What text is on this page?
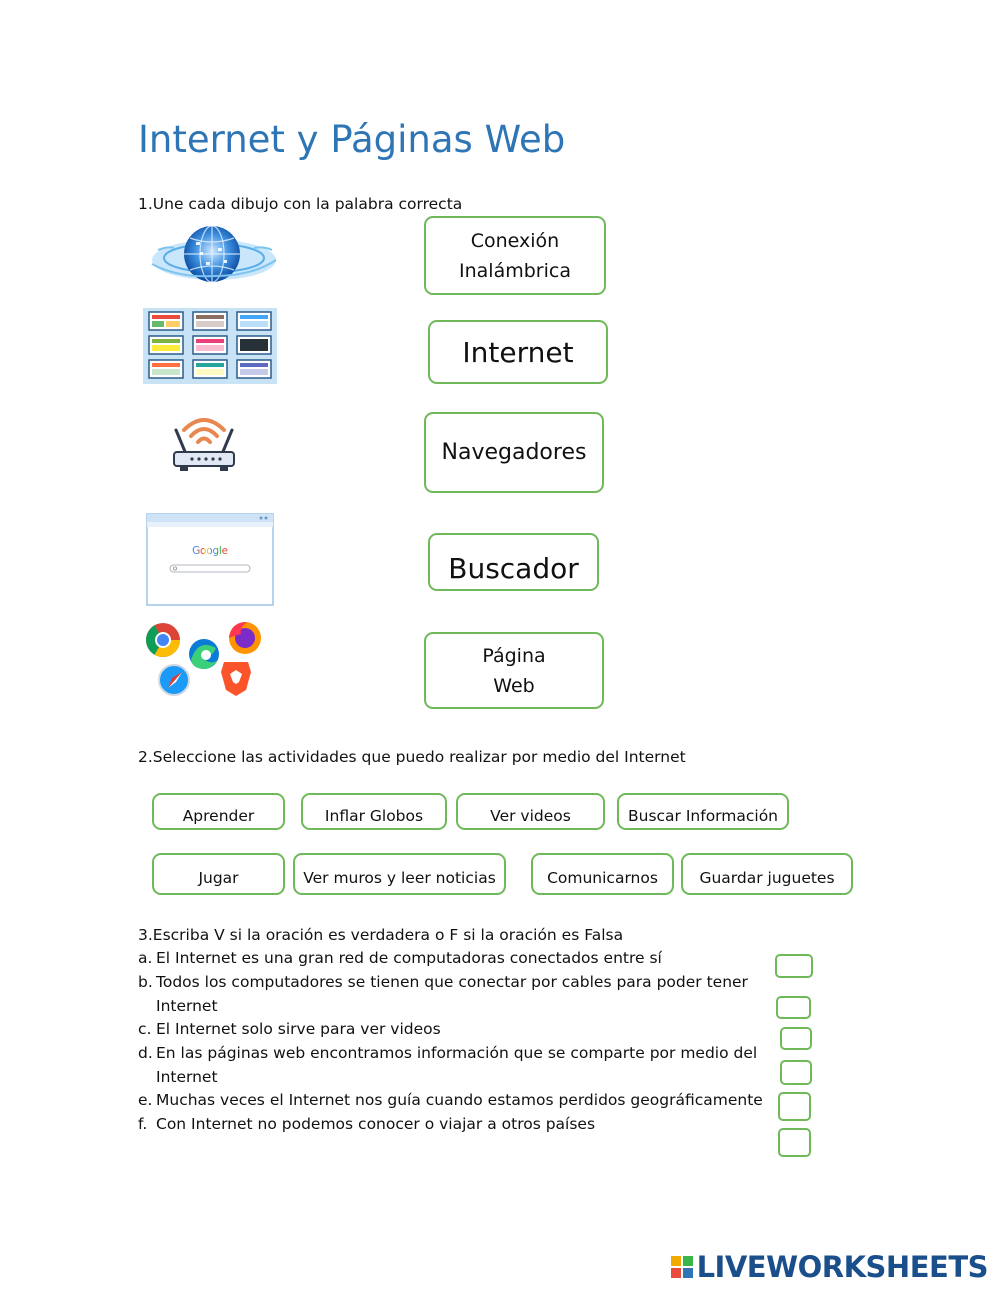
Internet y Páginas Web
1.Une cada dibujo con la palabra correcta
Google
Conexión
Inalámbrica
Internet
Navegadores
Buscador
Página
Web
2.Seleccione las actividades que puedo realizar por medio del Internet
Aprender	Inflar Globos	Ver videos	Buscar Información
Jugar	Ver muros y leer noticias	Comunicarnos	Guardar juguetes
3.Escriba V si la oración es verdadera o F si la oración es Falsa
a. El Internet es una gran red de computadoras conectados entre sí
b. Todos los computadores se tienen que conectar por cables para poder tener
Internet
c. El Internet solo sirve para ver videos
d. En las páginas web encontramos información que se comparte por medio del
Internet
e. Muchas veces el Internet nos guía cuando estamos perdidos geográficamente
f. Con Internet no podemos conocer o viajar a otros países
LIVEWORKSHEETS
